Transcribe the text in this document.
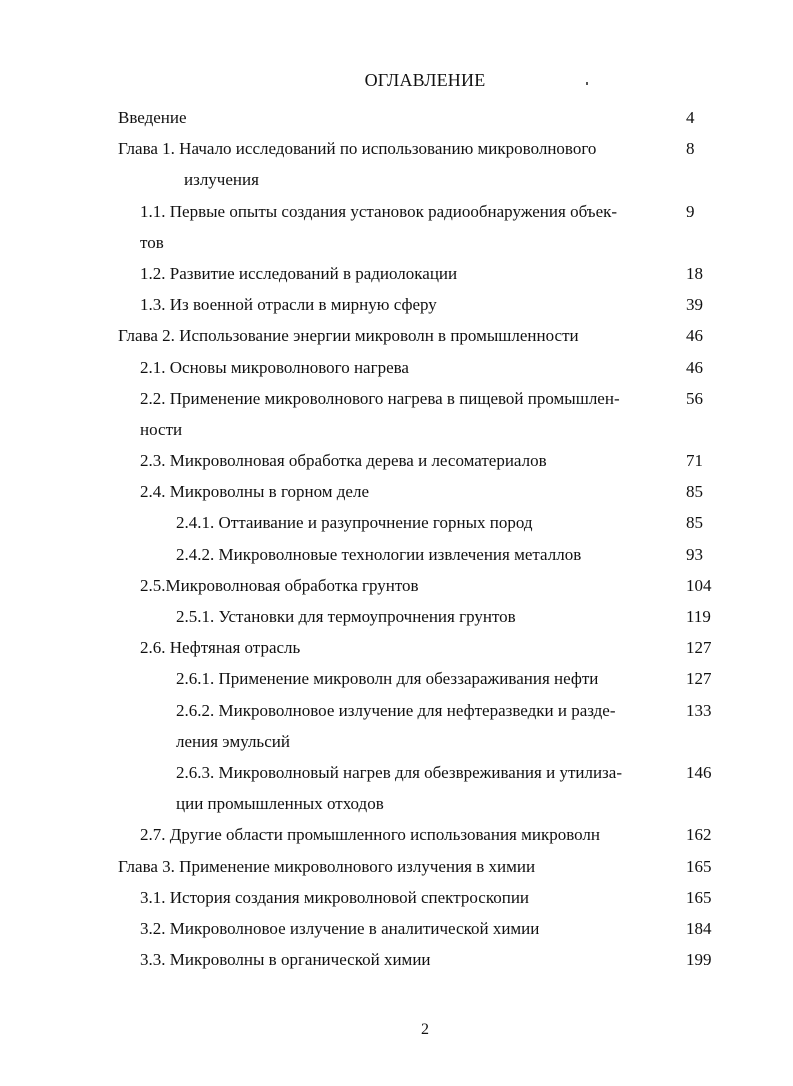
ОГЛАВЛЕНИЕ
Введение	4
Глава 1. Начало исследований по использованию микроволнового	8
излучения
1.1. Первые опыты создания установок радиообнаружения объек-	9
тов
1.2. Развитие исследований в радиолокации	18
1.3. Из военной отрасли в мирную сферу	39
Глава 2. Использование энергии микроволн в промышленности	46
2.1. Основы микроволнового нагрева	46
2.2. Применение микроволнового нагрева в пищевой промышлен-	56
ности
2.3. Микроволновая обработка дерева и лесоматериалов	71
2.4. Микроволны в горном деле	85
2.4.1. Оттаивание и разупрочнение горных пород	85
2.4.2. Микроволновые технологии извлечения металлов	93
2.5.Микроволновая обработка грунтов	104
2.5.1. Установки для термоупрочнения грунтов	119
2.6. Нефтяная отрасль	127
2.6.1. Применение микроволн для обеззараживания нефти	127
2.6.2. Микроволновое излучение для нефтеразведки и разде-	133
ления эмульсий
2.6.3. Микроволновый нагрев для обезвреживания и утилиза-	146
ции промышленных отходов
2.7. Другие области промышленного использования микроволн	162
Глава 3. Применение микроволнового излучения в химии	165
3.1. История создания микроволновой спектроскопии	165
3.2. Микроволновое излучение в аналитической химии	184
3.3. Микроволны в органической химии	199
2
